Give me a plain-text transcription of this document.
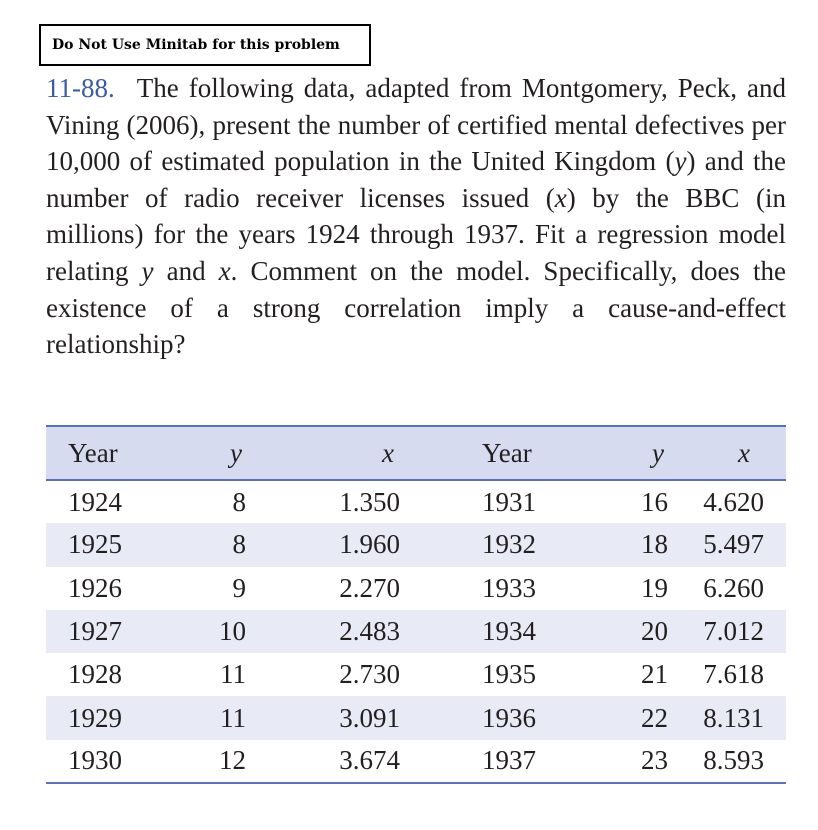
Do Not Use Minitab for this problem
11-88. The following data, adapted from Montgomery, Peck, and Vining (2006), present the number of certified mental defectives per 10,000 of estimated population in the United Kingdom (y) and the number of radio receiver licenses issued (x) by the BBC (in millions) for the years 1924 through 1937. Fit a regression model relating y and x. Comment on the model. Specifically, does the existence of a strong correlation imply a cause-and-effect relationship?
Year	y	x	Year	y	x
1924	8	1.350	1931	16	4.620
1925	8	1.960	1932	18	5.497
1926	9	2.270	1933	19	6.260
1927	10	2.483	1934	20	7.012
1928	11	2.730	1935	21	7.618
1929	11	3.091	1936	22	8.131
1930	12	3.674	1937	23	8.593
